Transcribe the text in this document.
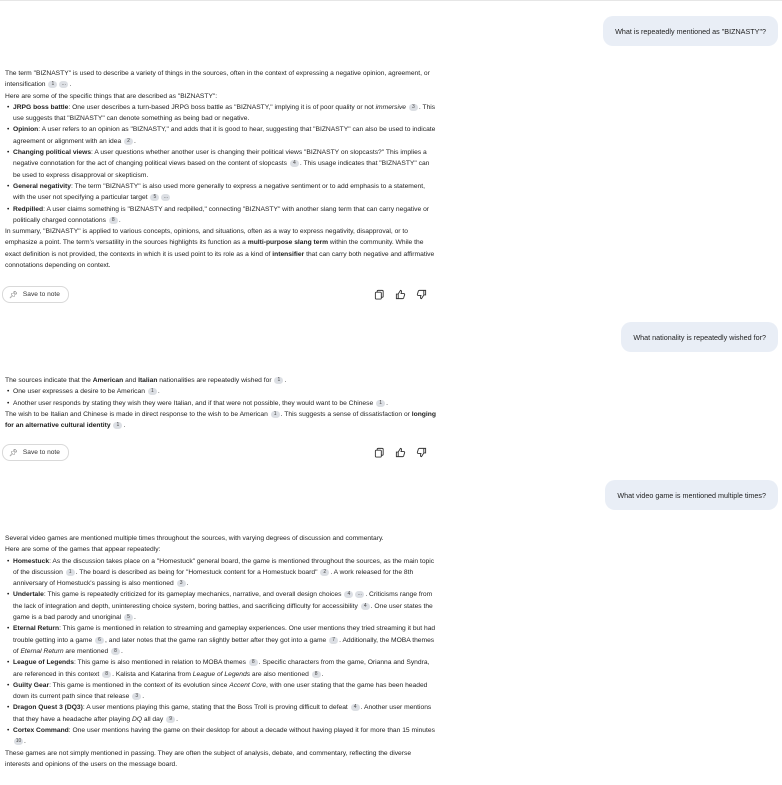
What is repeatedly mentioned as "BIZNASTY"?

The term "BIZNASTY" is used to describe a variety of things in the sources, often in the context of expressing a negative opinion, agreement, or intensification 1 ... .

Here are some of the specific things that are described as "BIZNASTY":

• JRPG boss battle: One user describes a turn-based JRPG boss battle as "BIZNASTY," implying it is of poor quality or not immersive 3 . This use suggests that "BIZNASTY" can denote something as being bad or negative.
• Opinion: A user refers to an opinion as "BIZNASTY," and adds that it is good to hear, suggesting that "BIZNASTY" can also be used to indicate agreement or alignment with an idea 2 .
• Changing political views: A user questions whether another user is changing their political views "BIZNASTY on slopcasts?" This implies a negative connotation for the act of changing political views based on the content of slopcasts 4 . This usage indicates that "BIZNASTY" can be used to express disapproval or skepticism.
• General negativity: The term "BIZNASTY" is also used more generally to express a negative sentiment or to add emphasis to a statement, with the user not specifying a particular target 5 ...
• Redpilled: A user claims something is "BIZNASTY and redpilled," connecting "BIZNASTY" with another slang term that can carry negative or politically charged connotations 8 .

In summary, "BIZNASTY" is applied to various concepts, opinions, and situations, often as a way to express negativity, disapproval, or to emphasize a point. The term's versatility in the sources highlights its function as a multi-purpose slang term within the community. While the exact definition is not provided, the contexts in which it is used point to its role as a kind of intensifier that can carry both negative and affirmative connotations depending on context.

📌︎ Save to note
What nationality is repeatedly wished for?

The sources indicate that the American and Italian nationalities are repeatedly wished for 1 .

• One user expresses a desire to be American 1 .
• Another user responds by stating they wish they were Italian, and if that were not possible, they would want to be Chinese 1 .

The wish to be Italian and Chinese is made in direct response to the wish to be American 1 . This suggests a sense of dissatisfaction or longing for an alternative cultural identity 1 .

📌︎ Save to note
What video game is mentioned multiple times?

Several video games are mentioned multiple times throughout the sources, with varying degrees of discussion and commentary.

Here are some of the games that appear repeatedly:

• Homestuck: As the discussion takes place on a "Homestuck" general board, the game is mentioned throughout the sources, as the main topic of the discussion 1 . The board is described as being for "Homestuck content for a Homestuck board" 2 . A work released for the 8th anniversary of Homestuck's passing is also mentioned 3 .
• Undertale: This game is repeatedly criticized for its gameplay mechanics, narrative, and overall design choices 4 ... . Criticisms range from the lack of integration and depth, uninteresting choice system, boring battles, and sacrificing difficulty for accessibility 4 . One user states the game is a bad parody and unoriginal 5 .
• Eternal Return: This game is mentioned in relation to streaming and gameplay experiences. One user mentions they tried streaming it but had trouble getting into a game 6 , and later notes that the game ran slightly better after they got into a game 7 . Additionally, the MOBA themes of Eternal Return are mentioned 8 .
• League of Legends: This game is also mentioned in relation to MOBA themes 8 . Specific characters from the game, Orianna and Syndra, are referenced in this context 8 . Kalista and Katarina from League of Legends are also mentioned 8 .
• Guilty Gear: This game is mentioned in the context of its evolution since Accent Core, with one user stating that the game has been headed down its current path since that release 3 .
• Dragon Quest 3 (DQ3): A user mentions playing this game, stating that the Boss Troll is proving difficult to defeat 4 . Another user mentions that they have a headache after playing DQ all day 9 .
• Cortex Command: One user mentions having the game on their desktop for about a decade without having played it for more than 15 minutes 10 .

These games are not simply mentioned in passing. They are often the subject of analysis, debate, and commentary, reflecting the diverse interests and opinions of the users on the message board.
